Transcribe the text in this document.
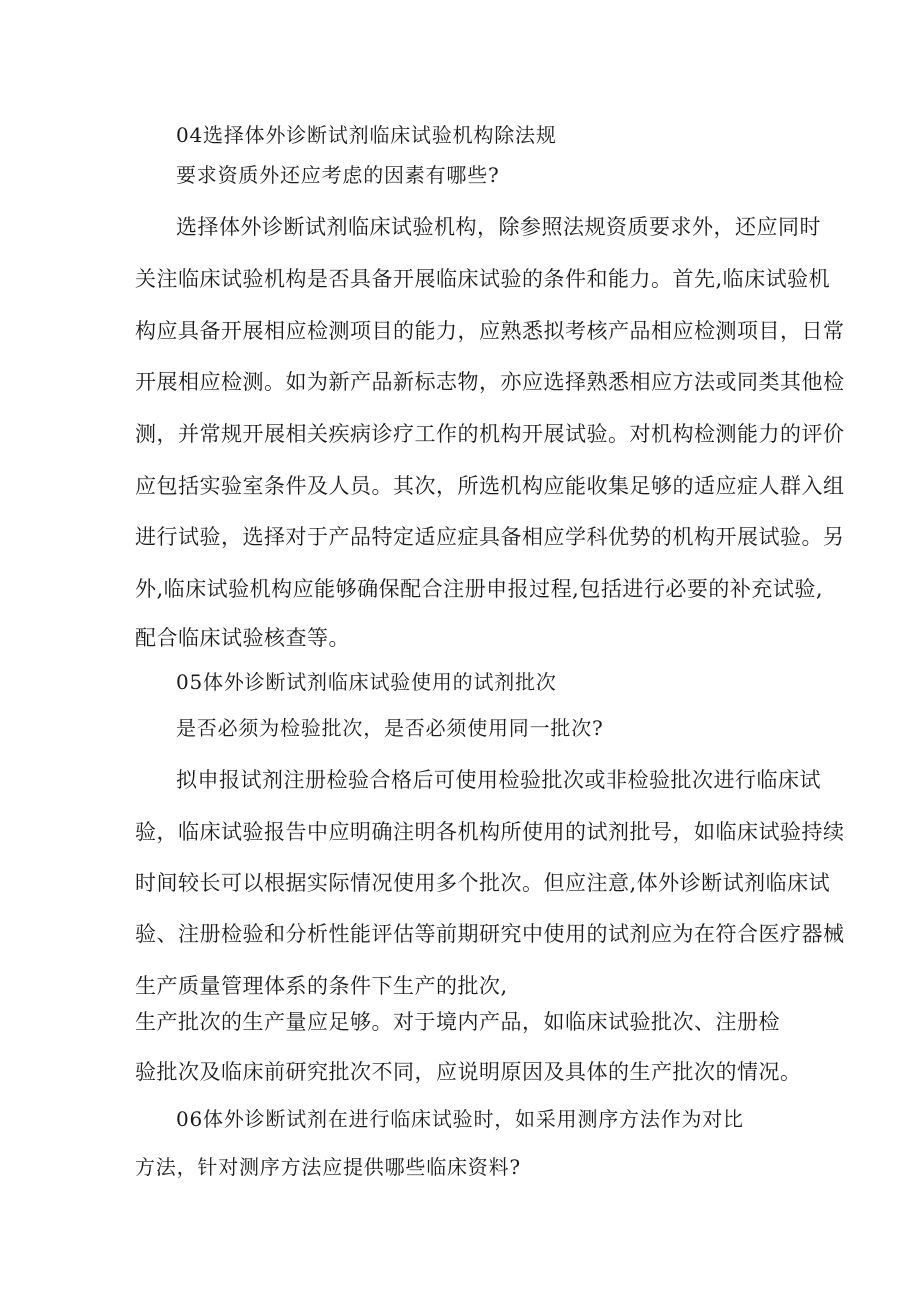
04选择体外诊断试剂临床试验机构除法规
要求资质外还应考虑的因素有哪些?
选择体外诊断试剂临床试验机构，除参照法规资质要求外，还应同时
关注临床试验机构是否具备开展临床试验的条件和能力。首先,临床试验机
构应具备开展相应检测项目的能力，应熟悉拟考核产品相应检测项目，日常
开展相应检测。如为新产品新标志物，亦应选择熟悉相应方法或同类其他检
测，并常规开展相关疾病诊疗工作的机构开展试验。对机构检测能力的评价
应包括实验室条件及人员。其次，所选机构应能收集足够的适应症人群入组
进行试验，选择对于产品特定适应症具备相应学科优势的机构开展试验。另
外,临床试验机构应能够确保配合注册申报过程,包括进行必要的补充试验,
配合临床试验核查等。
05体外诊断试剂临床试验使用的试剂批次
是否必须为检验批次，是否必须使用同一批次?
拟申报试剂注册检验合格后可使用检验批次或非检验批次进行临床试
验，临床试验报告中应明确注明各机构所使用的试剂批号，如临床试验持续
时间较长可以根据实际情况使用多个批次。但应注意,体外诊断试剂临床试
验、注册检验和分析性能评估等前期研究中使用的试剂应为在符合医疗器械
生产质量管理体系的条件下生产的批次,
生产批次的生产量应足够。对于境内产品，如临床试验批次、注册检
验批次及临床前研究批次不同，应说明原因及具体的生产批次的情况。
06体外诊断试剂在进行临床试验时，如采用测序方法作为对比
方法，针对测序方法应提供哪些临床资料?
